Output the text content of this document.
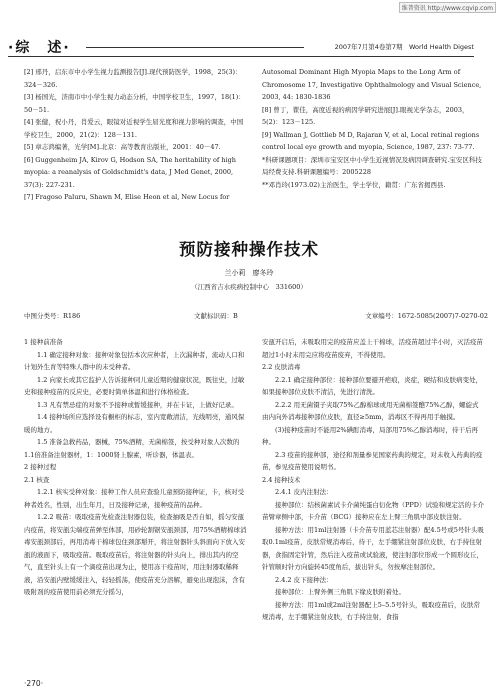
维普资讯 http://www.cqvip.com
·综　述·	2007年7月第4卷第7期　World Health Digest

[2] 邢丹，启东市中小学生视力监测报告[J].现代预防医学，1998，25(3)：324－326.

[3] 杨国光，济南市中小学生视力动态分析，中国学校卫生，1997，18(1)：50－51.

[4] 张健，祝小丹，肖爱云，眼镜对近视学生屈光度和视力影响的调查，中国学校卫生，2000，21(2)：128－131.

[5] 章志鸿编著，光学[M].北京：高等教育出版社，2001：40－47.

[6] Guggenheim JA, Kirov G, Hodson SA, The heritability of high myopia: a reanalysis of Goldschmidt's data, J Med Genet, 2000, 37(3): 227-231.

[7] Fragoso Paluru, Shawn M, Elise Heon et al, New Locus for

Autosomal Dominant High Myopia Maps to the Long Arm of Chromosome 17, Investigative Ophthalmology and Visual Science, 2003, 44: 1830-1836

[8] 曾丁，瞿佳，高度近视的病因学研究进展[J].眼视光学杂志，2003，5(2)：123－125.

[9] Wallman J, Gottlieb M D, Rajaran V, et al, Local retinal regions control local eye growth and myopia, Science, 1987, 237: 73-77.

*科研课题项目：深圳市宝安区中小学生近视情况及病因调查研究.宝安区科技局经费支持.科研课题编号：2005228

**邓肖玲(1973.02)主治医生，学士学位，籍贯：广东省揭西县.

预防接种操作技术
兰小莉　廖冬玲
（江西省吉水疾病控制中心　331600）
中图分类号：R186	文献标识码：B	文章编号：1672-5085(2007)7-0270-02

1 接种前准备

1.1 确定接种对象：接种对象包括本次应种者，上次漏种者，流动人口和计划外生育等特殊人群中的未受种者。

1.2 向家长或其它监护人告诉接种同儿童近期的健康状况，既往史，过敏史和接种疫苗的反应史，必要时简单体温和进行体格检查。

1.3 凡有禁忌症的对象不予接种或暂缓接种，并在卡证，上做好记录。

1.4 接种场所应选择设有橱柜的标志，室内宽敞清洁，光线明亮，通风保暖的地方。

1.5 准备急救药品，器械，75%酒精，无菌棉签，按受种对象人次数的1.1倍准备注射器材，1：1000肾上腺素，听诊器，体温表。

2 接种过程

2.1 核查

1.2.1 核实受种对象：接种工作人员应查验儿童预防接种证，卡，核对受种者姓名，性别，出生年月，日及接种记录，接种疫苗的品种。

1.2.2 吸苗：吸取疫苗先检查注射器包装，检查抽吸是否自如，摇匀安瓿内疫苗，将安瓿尖端疫苗弹至体部，用砂轮割锯安瓿颈部，用75%酒精棉球消毒安瓿颈部后，再用消毒干棉球包住颈部掰开，将注射器针头斜面向下放入安瓿的液面下，吸取疫苗。吸取疫苗后，将注射器的针头向上，排出其内的空气，直至针头上有一个滴疫苗出现为止，使用冻干疫苗时，用注射器取稀释液，沿安瓿内壁缓缓注入，轻轻摇荡，使疫苗充分溶解，避免出现泡沫，含有吸附剂的疫苗使用前必须充分摇匀，

安瓿开启后，未吸取用完的疫苗应盖上干棉球，活疫苗超过半小时，灭活疫苗超过1小时未用完应将疫苗废弃，不得使用。

2.2 皮肤消毒

2.2.1 确定接种部位：接种部位要避开疤痕，炎症，硬结和皮肤病变处，如果接种部位皮肤不清洁，先进行清洗。

2.2.2 用无菌镊子夹取75%乙醇棉球或用无菌棉签醮75%乙醇，螺旋式由内向外消毒接种部位皮肤，直径≥5mm，消毒区不得再用手触摸。

(3)接种疫苗时不能用2%碘酊消毒，局部用75%乙醇消毒时，待干后再种。

2.3 疫苗的接种部，途径和剂量参见国家药典的规定，对未收入药典的疫苗，参见疫苗使用说明书。

2.4 接种技术

2.4.1 皮内注射法：

接种部位：结核菌素试卡介菌纯蛋白衍化物（PPD）试验和规定活的卡介苗臂章侧中部，卡介苗（BCG）接种应在左上臂三角肌中部皮肤注射。

接种方法：用1ml注射器（卡介苗专用蓝芯注射器）配4.5号或5号针头吸取0.1ml疫苗，皮肤常规消毒后，待干，左手绷紧注射部位皮肤，右手持住射器，食指固定针管，然后注入疫苗或试验液，使注射部位形成一个圆形皮丘，针管顺时针方向旋转45度角后，拔出针头，勿按摩注射部位。

2.4.2 皮下接种法：

接种部位：上臂外侧三角肌下缘皮肤附着处。

接种方法：用1ml或2ml注射器配上5–5.5号针头，吸取疫苗后，皮肤常规消毒，左手绷紧注射皮肤，右手持注射，食指

·270·
